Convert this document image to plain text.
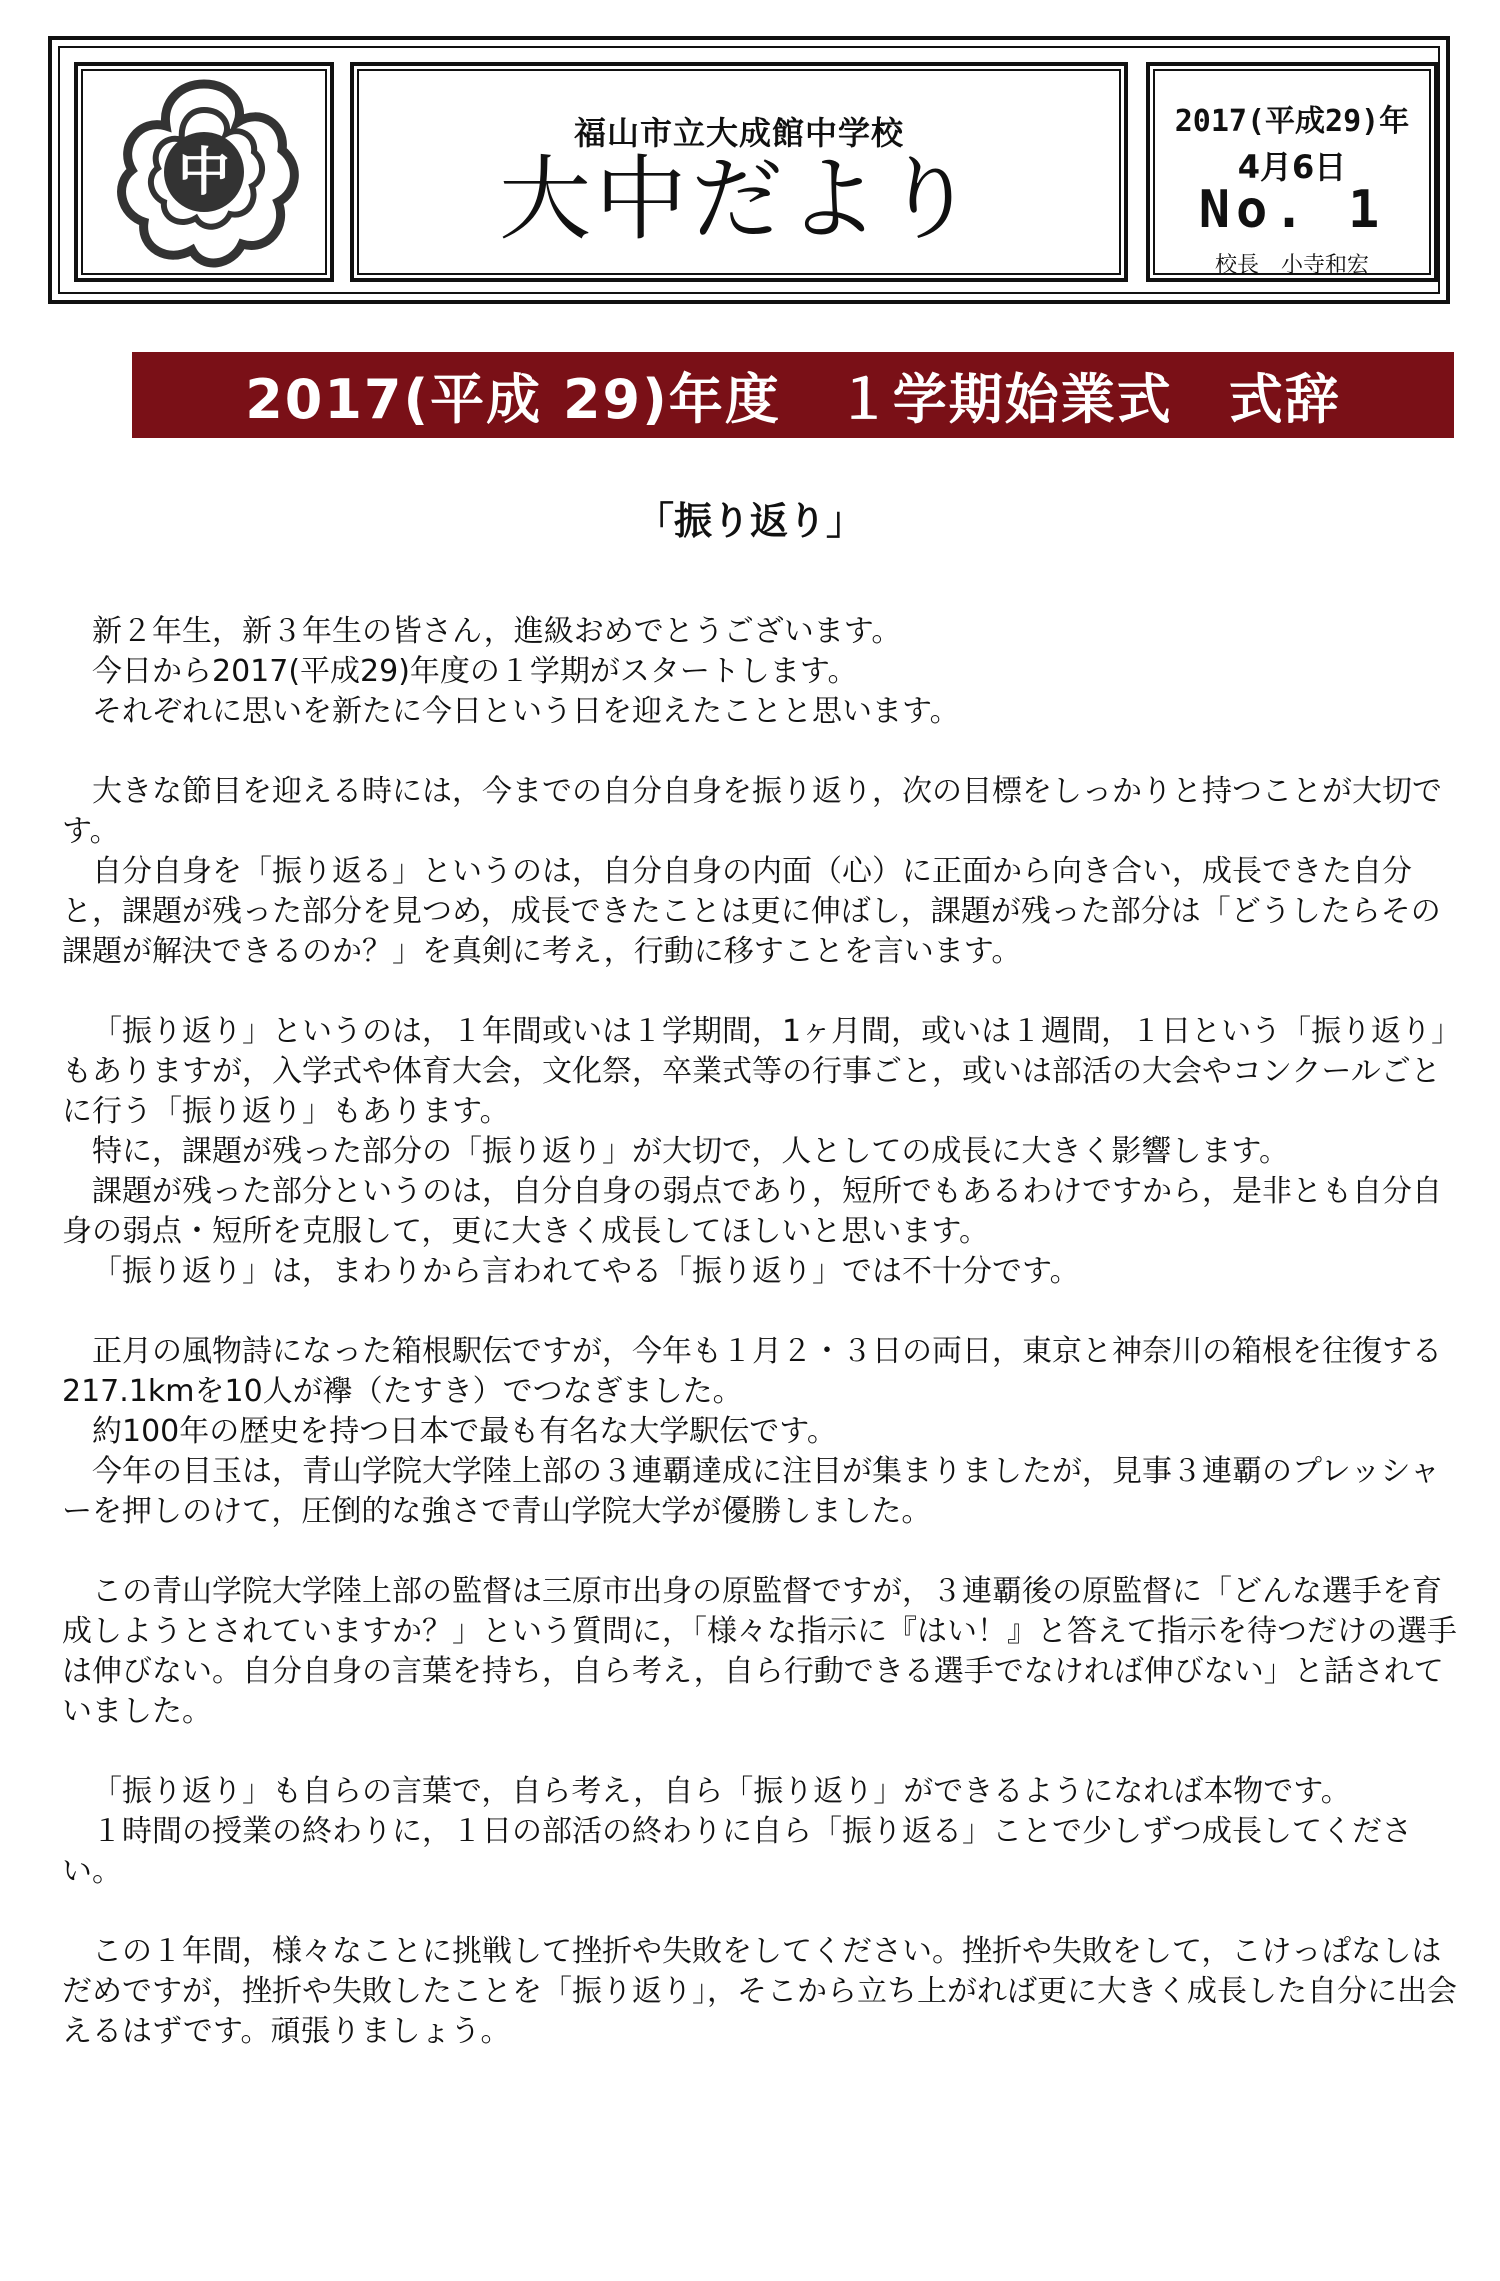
中
福山市立大成館中学校
大中だより
2017(平成29)年
4月6日
No. 1
校長　小寺和宏
2017(平成 29)年度　１学期始業式　式辞
「振り返り」

新２年生，新３年生の皆さん，進級おめでとうございます。

今日から2017(平成29)年度の１学期がスタートします。

それぞれに思いを新たに今日という日を迎えたことと思います。

大きな節目を迎える時には，今までの自分自身を振り返り，次の目標をしっかりと持つことが大切です。

自分自身を「振り返る」というのは，自分自身の内面（心）に正面から向き合い，成長できた自分と，課題が残った部分を見つめ，成長できたことは更に伸ばし，課題が残った部分は「どうしたらその課題が解決できるのか？」を真剣に考え，行動に移すことを言います。

「振り返り」というのは，１年間或いは１学期間，1ヶ月間，或いは１週間，１日という「振り返り」もありますが，入学式や体育大会，文化祭，卒業式等の行事ごと，或いは部活の大会やコンクールごとに行う「振り返り」もあります。

特に，課題が残った部分の「振り返り」が大切で，人としての成長に大きく影響します。

課題が残った部分というのは，自分自身の弱点であり，短所でもあるわけですから，是非とも自分自身の弱点・短所を克服して，更に大きく成長してほしいと思います。

「振り返り」は，まわりから言われてやる「振り返り」では不十分です。

正月の風物詩になった箱根駅伝ですが，今年も１月２・３日の両日，東京と神奈川の箱根を往復する217.1kmを10人が襷（たすき）でつなぎました。

約100年の歴史を持つ日本で最も有名な大学駅伝です。

今年の目玉は，青山学院大学陸上部の３連覇達成に注目が集まりましたが，見事３連覇のプレッシャーを押しのけて，圧倒的な強さで青山学院大学が優勝しました。

この青山学院大学陸上部の監督は三原市出身の原監督ですが，３連覇後の原監督に「どんな選手を育成しようとされていますか？」という質問に，「様々な指示に『はい！』と答えて指示を待つだけの選手は伸びない。自分自身の言葉を持ち，自ら考え，自ら行動できる選手でなければ伸びない」と話されていました。

「振り返り」も自らの言葉で，自ら考え，自ら「振り返り」ができるようになれば本物です。

１時間の授業の終わりに，１日の部活の終わりに自ら「振り返る」ことで少しずつ成長してください。

この１年間，様々なことに挑戦して挫折や失敗をしてください。挫折や失敗をして，こけっぱなしはだめですが，挫折や失敗したことを「振り返り」，そこから立ち上がれば更に大きく成長した自分に出会えるはずです。頑張りましょう。
